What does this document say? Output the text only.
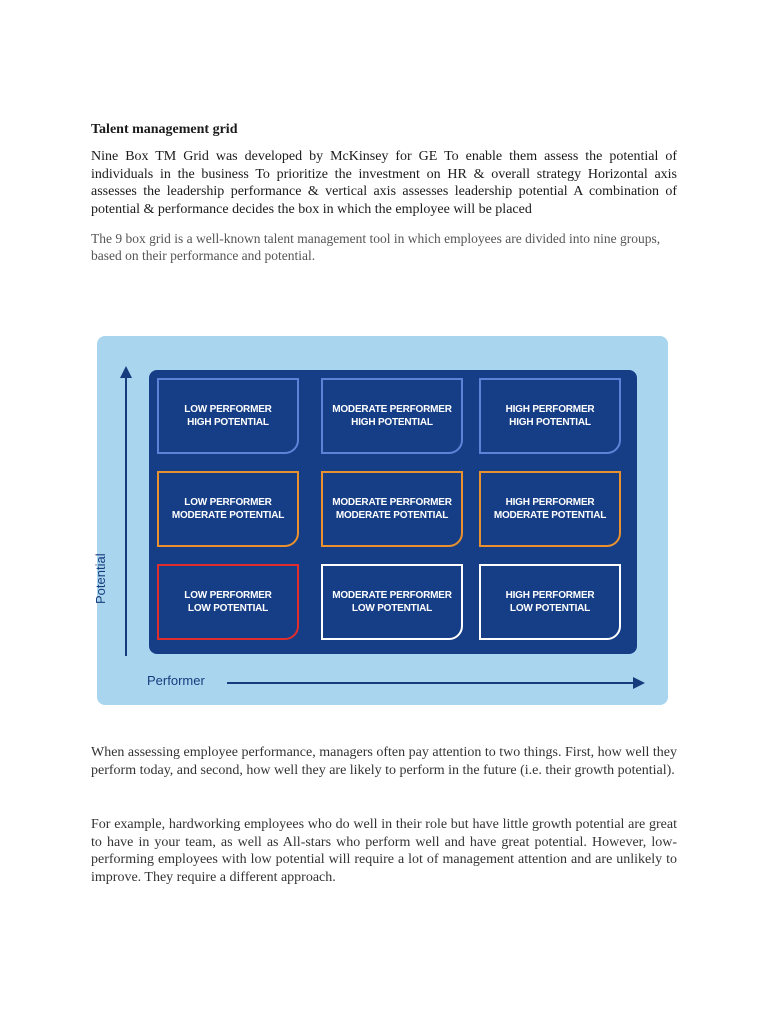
Talent management grid

Nine Box TM Grid was developed by McKinsey for GE To enable them assess the potential of individuals in the business To prioritize the investment on HR & overall strategy Horizontal axis assesses the leadership performance & vertical axis assesses leadership potential A combination of potential & performance decides the box in which the employee will be placed

The 9 box grid is a well-known talent management tool in which employees are divided into nine groups, based on their performance and potential.

Potential
LOW PERFORMER
HIGH POTENTIAL
MODERATE PERFORMER
HIGH POTENTIAL
HIGH PERFORMER
HIGH POTENTIAL
LOW PERFORMER
MODERATE POTENTIAL
MODERATE PERFORMER
MODERATE POTENTIAL
HIGH PERFORMER
MODERATE POTENTIAL
LOW PERFORMER
LOW POTENTIAL
MODERATE PERFORMER
LOW POTENTIAL
HIGH PERFORMER
LOW POTENTIAL
Performer

When assessing employee performance, managers often pay attention to two things. First, how well they perform today, and second, how well they are likely to perform in the future (i.e. their growth potential).

For example, hardworking employees who do well in their role but have little growth potential are great to have in your team, as well as All-stars who perform well and have great potential. However, low-performing employees with low potential will require a lot of management attention and are unlikely to improve. They require a different approach.
